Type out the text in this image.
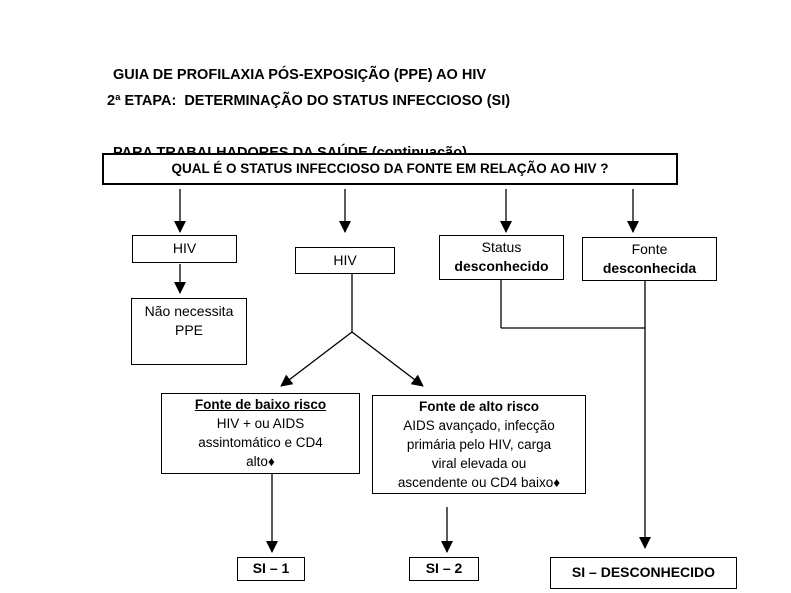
GUIA DE PROFILAXIA PÓS-EXPOSIÇÃO (PPE) AO HIV

2ª ETAPA:  DETERMINAÇÃO DO STATUS INFECCIOSO (SI)
QUAL É O STATUS INFECCIOSO DA FONTE EM RELAÇÃO AO HIV ?
HIV
HIV
Status
desconhecido
Fonte
desconhecida
Não necessita
PPE
Fonte de baixo risco
HIV + ou AIDS
assintomático e CD4
alto♦
Fonte de alto risco
AIDS avançado, infecção
primária pelo HIV, carga
viral elevada ou
ascendente ou CD4 baixo♦
SI – 1	SI – 2	SI – DESCONHECIDO
